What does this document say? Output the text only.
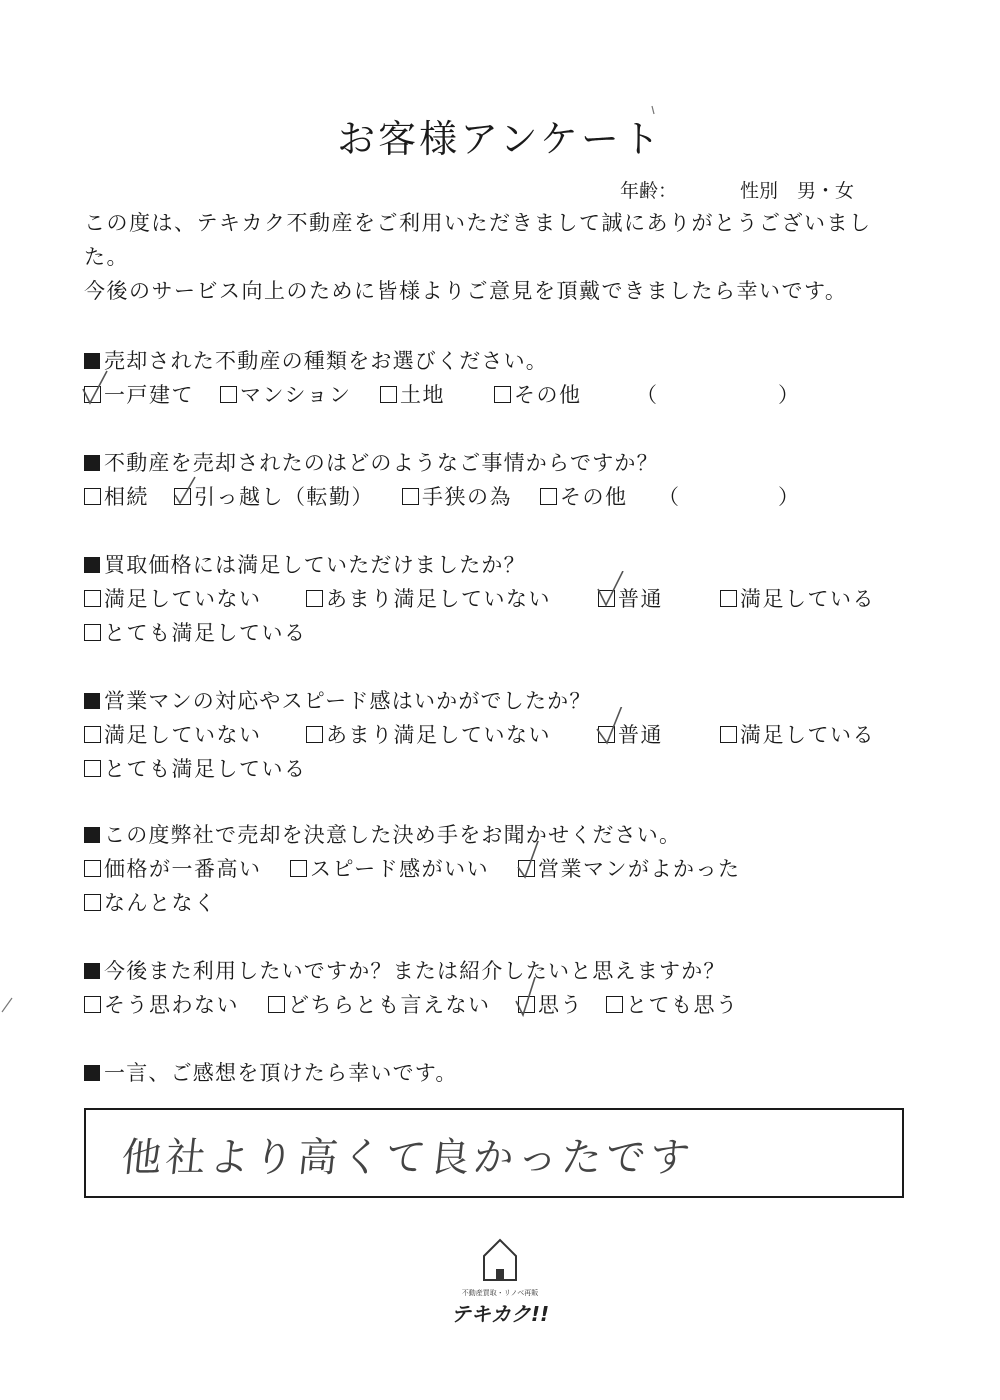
お客様アンケート
年齢：	性別　男・女

この度は、テキカク不動産をご利用いただきまして誠にありがとうございまし

た。

今後のサービス向上のために皆様よりご意見を頂戴できましたら幸いです。

売却された不動産の種類をお選びください。
一戸建て	マンション	土地	その他	（	）
不動産を売却されたのはどのようなご事情からですか？
相続	引っ越し（転勤）	手狭の為	その他 （	）
買取価格には満足していただけましたか？
満足していない	あまり満足していない	普通	満足している
とても満足している
営業マンの対応やスピード感はいかがでしたか？
満足していない	あまり満足していない	普通	満足している
とても満足している
この度弊社で売却を決意した決め手をお聞かせください。
価格が一番高い	スピード感がいい	営業マンがよかった
なんとなく
今後また利用したいですか？または紹介したいと思えますか？
そう思わない	どちらとも言えない	思う	とても思う
一言、ご感想を頂けたら幸いです。
他社より高くて良かったです
不動産買取・リノベ再販
テキカク!!
